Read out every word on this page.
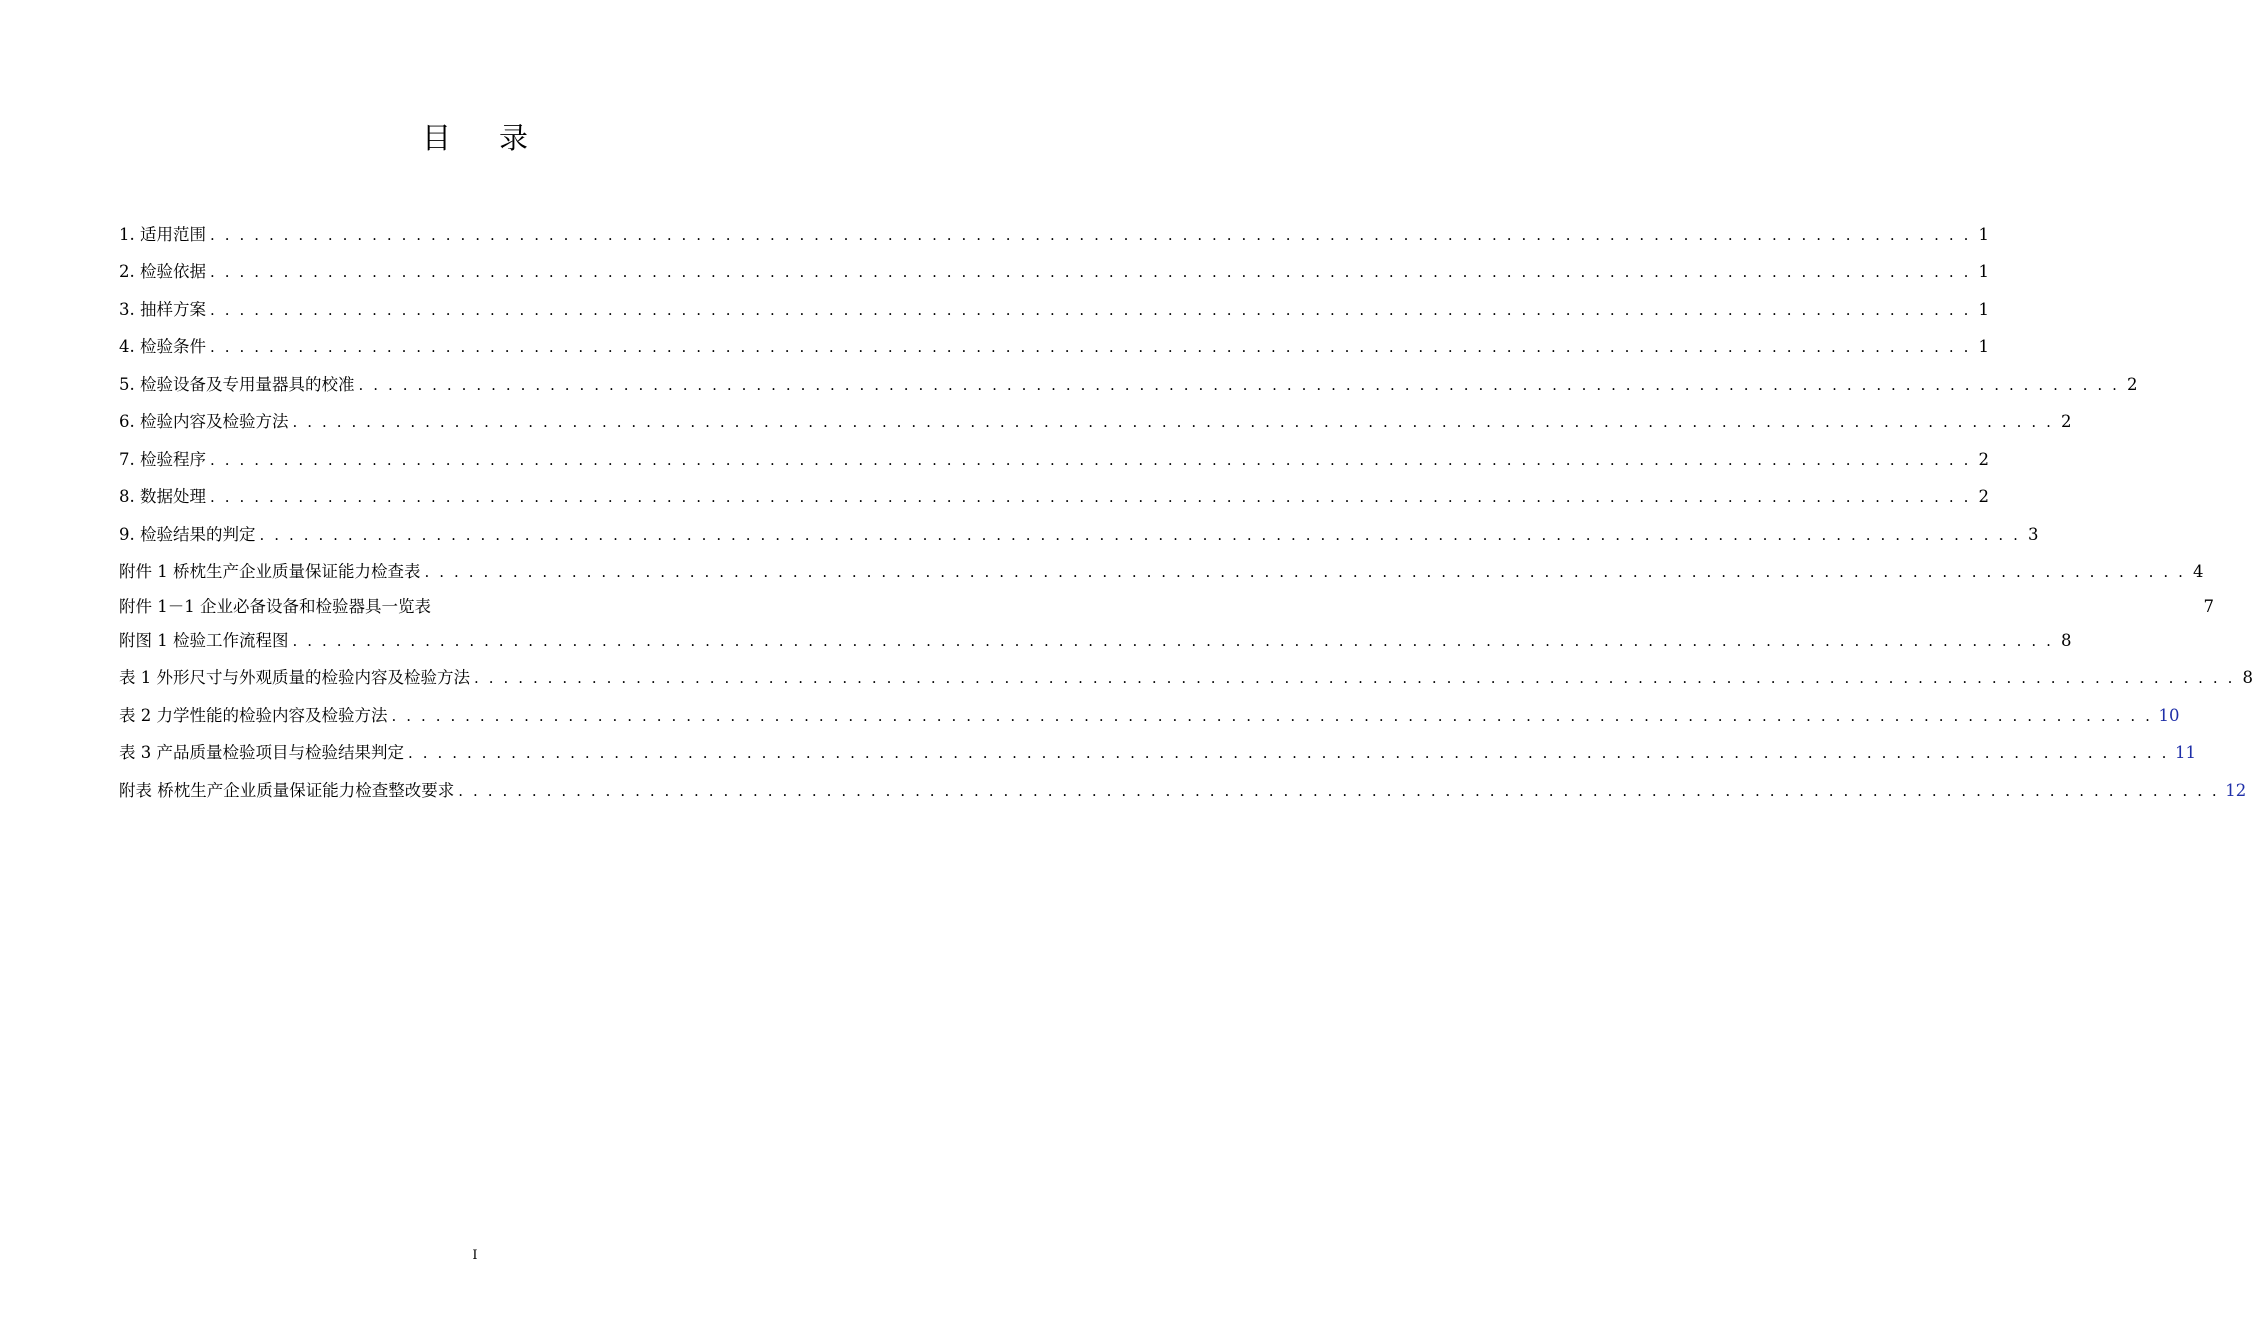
目录
1. 适用范围 . . . . . . . . . . . . . . . . . . . . . . . . . . . . . . . . . . . . . . . . . . . . . . . . . . . . . . . . . . . . . . . . . . . . . . . . . . . . . . . . . . . . . . . . . . . . . . . . . . . . . . . . . . . . . . . . . . . . . . . . 1
2. 检验依据 . . . . . . . . . . . . . . . . . . . . . . . . . . . . . . . . . . . . . . . . . . . . . . . . . . . . . . . . . . . . . . . . . . . . . . . . . . . . . . . . . . . . . . . . . . . . . . . . . . . . . . . . . . . . . . . . . . . . . . . . 1
3. 抽样方案 . . . . . . . . . . . . . . . . . . . . . . . . . . . . . . . . . . . . . . . . . . . . . . . . . . . . . . . . . . . . . . . . . . . . . . . . . . . . . . . . . . . . . . . . . . . . . . . . . . . . . . . . . . . . . . . . . . . . . . . . 1
4. 检验条件 . . . . . . . . . . . . . . . . . . . . . . . . . . . . . . . . . . . . . . . . . . . . . . . . . . . . . . . . . . . . . . . . . . . . . . . . . . . . . . . . . . . . . . . . . . . . . . . . . . . . . . . . . . . . . . . . . . . . . . . . 1
5. 检验设备及专用量器具的校准 . . . . . . . . . . . . . . . . . . . . . . . . . . . . . . . . . . . . . . . . . . . . . . . . . . . . . . . . . . . . . . . . . . . . . . . . . . . . . . . . . . . . . . . . . . . . . . . . . . . . . . . . . . . . . . . . . . . . . . . . 2
6. 检验内容及检验方法 . . . . . . . . . . . . . . . . . . . . . . . . . . . . . . . . . . . . . . . . . . . . . . . . . . . . . . . . . . . . . . . . . . . . . . . . . . . . . . . . . . . . . . . . . . . . . . . . . . . . . . . . . . . . . . . . . . . . . . . . 2
7. 检验程序 . . . . . . . . . . . . . . . . . . . . . . . . . . . . . . . . . . . . . . . . . . . . . . . . . . . . . . . . . . . . . . . . . . . . . . . . . . . . . . . . . . . . . . . . . . . . . . . . . . . . . . . . . . . . . . . . . . . . . . . . 2
8. 数据处理 . . . . . . . . . . . . . . . . . . . . . . . . . . . . . . . . . . . . . . . . . . . . . . . . . . . . . . . . . . . . . . . . . . . . . . . . . . . . . . . . . . . . . . . . . . . . . . . . . . . . . . . . . . . . . . . . . . . . . . . . 2
9. 检验结果的判定 . . . . . . . . . . . . . . . . . . . . . . . . . . . . . . . . . . . . . . . . . . . . . . . . . . . . . . . . . . . . . . . . . . . . . . . . . . . . . . . . . . . . . . . . . . . . . . . . . . . . . . . . . . . . . . . . . . . . . . . . 3
附件 1 桥枕生产企业质量保证能力检查表 . . . . . . . . . . . . . . . . . . . . . . . . . . . . . . . . . . . . . . . . . . . . . . . . . . . . . . . . . . . . . . . . . . . . . . . . . . . . . . . . . . . . . . . . . . . . . . . . . . . . . . . . . . . . . . . . . . . . . . . . 4
附件 1－1 企业必备设备和检验器具一览表	7
附图 1 检验工作流程图 . . . . . . . . . . . . . . . . . . . . . . . . . . . . . . . . . . . . . . . . . . . . . . . . . . . . . . . . . . . . . . . . . . . . . . . . . . . . . . . . . . . . . . . . . . . . . . . . . . . . . . . . . . . . . . . . . . . . . . . . 8
表 1 外形尺寸与外观质量的检验内容及检验方法 . . . . . . . . . . . . . . . . . . . . . . . . . . . . . . . . . . . . . . . . . . . . . . . . . . . . . . . . . . . . . . . . . . . . . . . . . . . . . . . . . . . . . . . . . . . . . . . . . . . . . . . . . . . . . . . . . . . . . . . . 8
表 2 力学性能的检验内容及检验方法 . . . . . . . . . . . . . . . . . . . . . . . . . . . . . . . . . . . . . . . . . . . . . . . . . . . . . . . . . . . . . . . . . . . . . . . . . . . . . . . . . . . . . . . . . . . . . . . . . . . . . . . . . . . . . . . . . . . . . . . . 10
表 3 产品质量检验项目与检验结果判定 . . . . . . . . . . . . . . . . . . . . . . . . . . . . . . . . . . . . . . . . . . . . . . . . . . . . . . . . . . . . . . . . . . . . . . . . . . . . . . . . . . . . . . . . . . . . . . . . . . . . . . . . . . . . . . . . . . . . . . . . 11
附表 桥枕生产企业质量保证能力检查整改要求 . . . . . . . . . . . . . . . . . . . . . . . . . . . . . . . . . . . . . . . . . . . . . . . . . . . . . . . . . . . . . . . . . . . . . . . . . . . . . . . . . . . . . . . . . . . . . . . . . . . . . . . . . . . . . . . . . . . . . . . . 12
I
